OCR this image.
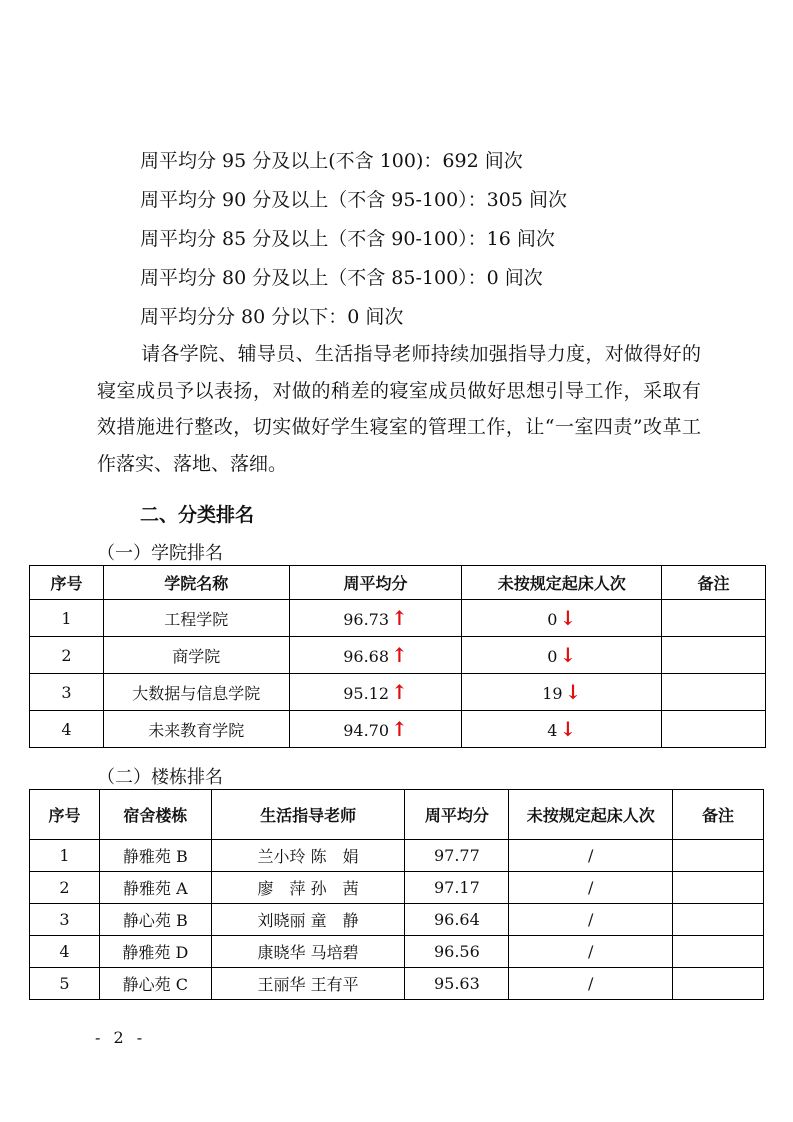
周平均分 95 分及以上(不含 100)：692 间次
周平均分 90 分及以上（不含 95-100）：305 间次
周平均分 85 分及以上（不含 90-100）：16 间次
周平均分 80 分及以上（不含 85-100）：0 间次
周平均分分 80 分以下：0 间次
请各学院、辅导员、生活指导老师持续加强指导力度，对做得好的寝室成员予以表扬，对做的稍差的寝室成员做好思想引导工作，采取有效措施进行整改，切实做好学生寝室的管理工作，让“一室四责”改革工作落实、落地、落细。
二、分类排名
（一）学院排名
序号	学院名称	周平均分	未按规定起床人次	备注
1	工程学院	96.73 ↑	0 ↓	
2	商学院	96.68 ↑	0 ↓	
3	大数据与信息学院	95.12 ↑	19 ↓	
4	未来教育学院	94.70 ↑	4 ↓	
（二）楼栋排名
序号	宿舍楼栋	生活指导老师	周平均分	未按规定起床人次	备注
1	静雅苑 B	兰小玲 陈　娟	97.77	/	
2	静雅苑 A	廖　萍 孙　茜	97.17	/	
3	静心苑 B	刘晓丽 童　静	96.64	/	
4	静雅苑 D	康晓华 马培碧	96.56	/	
5	静心苑 C	王丽华 王有平	95.63	/	
- 2 -
